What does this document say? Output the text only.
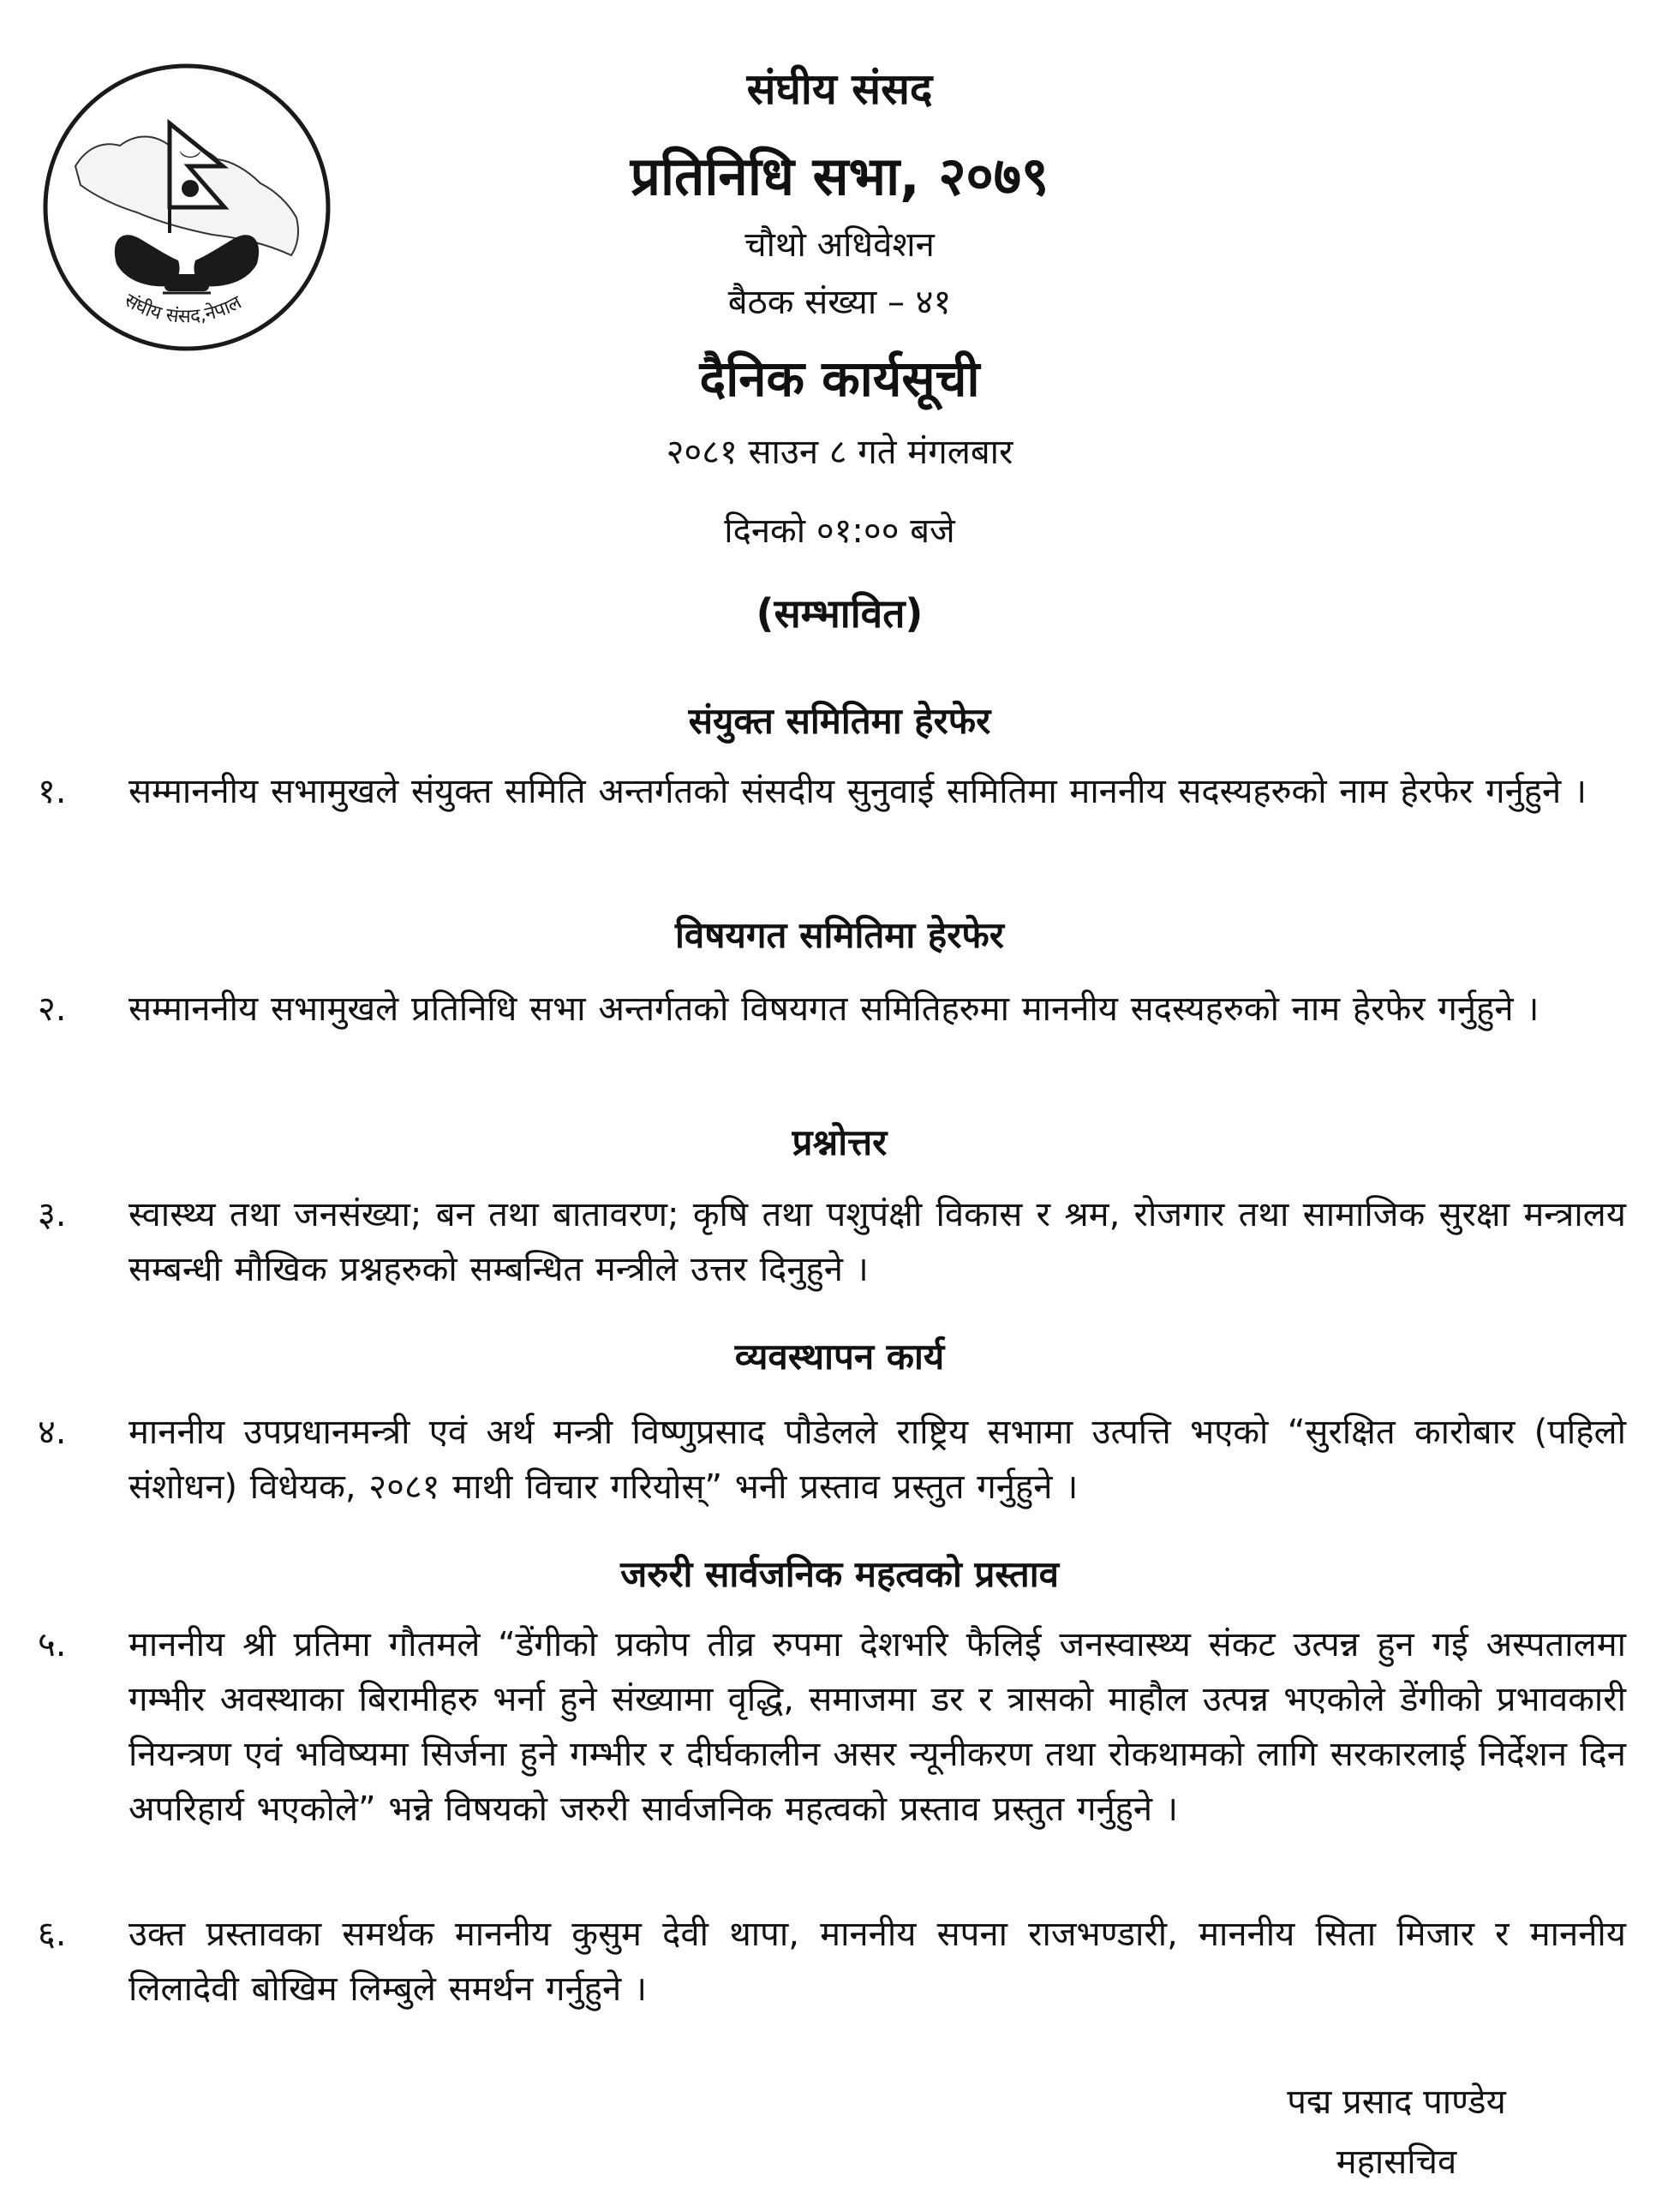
संघीय संसद,नेपाल
संघीय संसद
प्रतिनिधि सभा, २०७९
चौथो अधिवेशन
बैठक संख्या – ४१
दैनिक कार्यसूची
२०८१ साउन ८ गते मंगलबार
दिनको ०१:०० बजे
(सम्भावित)
संयुक्त समितिमा हेरफेर
१.	सम्माननीय सभामुखले संयुक्त समिति अन्तर्गतको संसदीय सुनुवाई समितिमा माननीय सदस्यहरुको नाम हेरफेर गर्नुहुने ।
विषयगत समितिमा हेरफेर
२.	सम्माननीय सभामुखले प्रतिनिधि सभा अन्तर्गतको विषयगत समितिहरुमा माननीय सदस्यहरुको नाम हेरफेर गर्नुहुने ।
प्रश्नोत्तर
३.	स्वास्थ्य तथा जनसंख्या; बन तथा बातावरण; कृषि तथा पशुपंक्षी विकास र श्रम, रोजगार तथा सामाजिक सुरक्षा मन्त्रालय सम्बन्धी मौखिक प्रश्नहरुको सम्बन्धित मन्त्रीले उत्तर दिनुहुने ।
व्यवस्थापन कार्य
४.	माननीय उपप्रधानमन्त्री एवं अर्थ मन्त्री विष्णुप्रसाद पौडेलले राष्ट्रिय सभामा उत्पत्ति भएको “सुरक्षित कारोबार (पहिलो संशोधन) विधेयक, २०८१ माथी विचार गरियोस्” भनी प्रस्ताव प्रस्तुत गर्नुहुने ।
जरुरी सार्वजनिक महत्वको प्रस्ताव
५.	माननीय श्री प्रतिमा गौतमले “डेंगीको प्रकोप तीव्र रुपमा देशभरि फैलिई जनस्वास्थ्य संकट उत्पन्न हुन गई अस्पतालमा गम्भीर अवस्थाका बिरामीहरु भर्ना हुने संख्यामा वृद्धि, समाजमा डर र त्रासको माहौल उत्पन्न भएकोले डेंगीको प्रभावकारी नियन्त्रण एवं भविष्यमा सिर्जना हुने गम्भीर र दीर्घकालीन असर न्यूनीकरण तथा रोकथामको लागि सरकारलाई निर्देशन दिन अपरिहार्य भएकोले” भन्ने विषयको जरुरी सार्वजनिक महत्वको प्रस्ताव प्रस्तुत गर्नुहुने ।
६.	उक्त प्रस्तावका समर्थक माननीय कुसुम देवी थापा, माननीय सपना राजभण्डारी, माननीय सिता मिजार र माननीय लिलादेवी बोखिम लिम्बुले समर्थन गर्नुहुने ।
पद्म प्रसाद पाण्डेय
महासचिव
